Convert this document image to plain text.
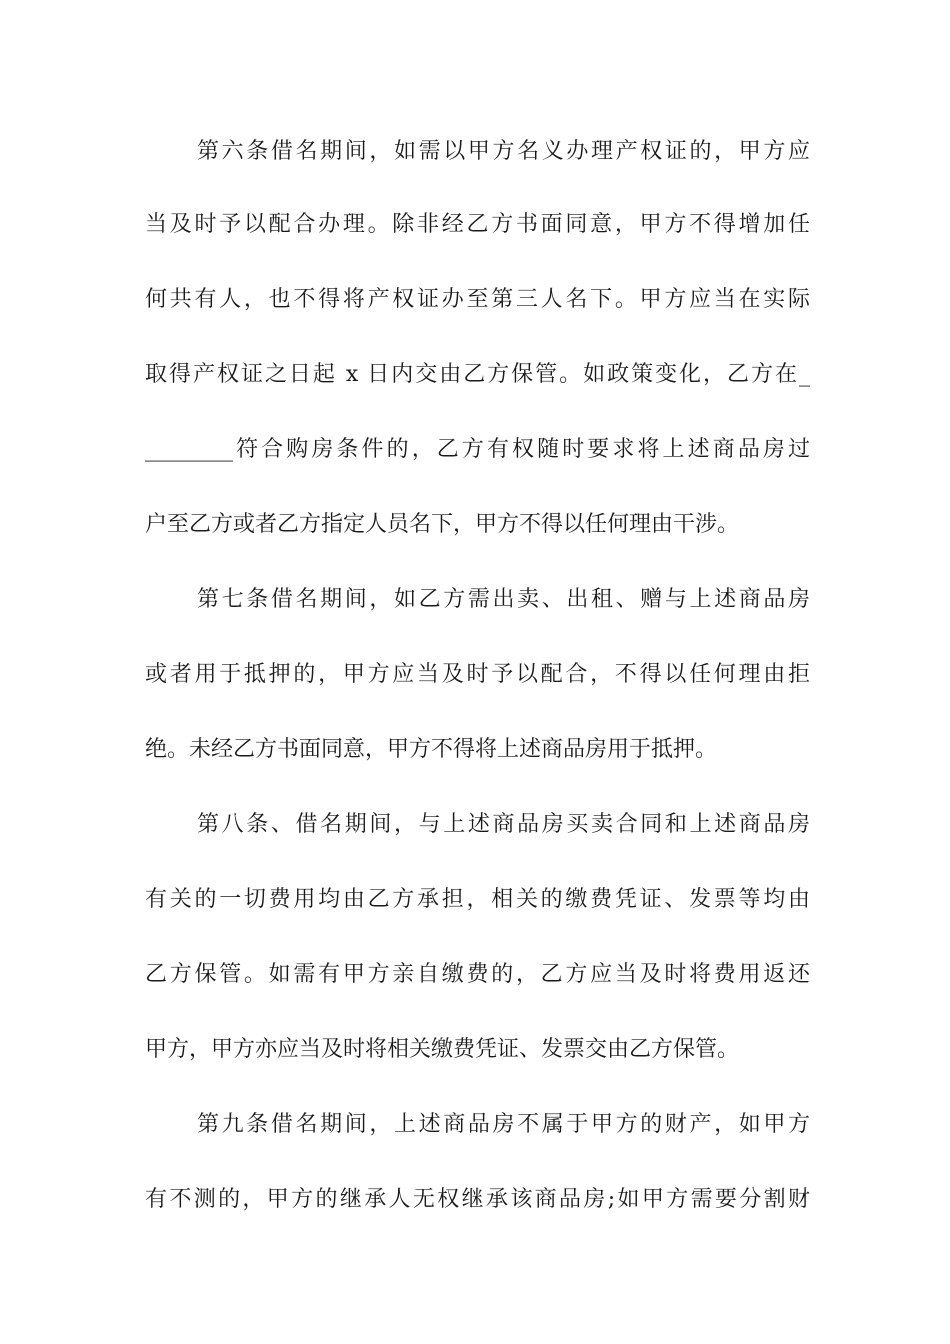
第六条借名期间，如需以甲方名义办理产权证的，甲方应
当及时予以配合办理。除非经乙方书面同意，甲方不得增加任
何共有人，也不得将产权证办至第三人名下。甲方应当在实际
取得产权证之日起 x 日内交由乙方保管。如政策变化，乙方在_
________符合购房条件的，乙方有权随时要求将上述商品房过
户至乙方或者乙方指定人员名下，甲方不得以任何理由干涉。
第七条借名期间，如乙方需出卖、出租、赠与上述商品房
或者用于抵押的，甲方应当及时予以配合，不得以任何理由拒
绝。未经乙方书面同意，甲方不得将上述商品房用于抵押。
第八条、借名期间，与上述商品房买卖合同和上述商品房
有关的一切费用均由乙方承担，相关的缴费凭证、发票等均由
乙方保管。如需有甲方亲自缴费的，乙方应当及时将费用返还
甲方，甲方亦应当及时将相关缴费凭证、发票交由乙方保管。
第九条借名期间，上述商品房不属于甲方的财产，如甲方
有不测的，甲方的继承人无权继承该商品房;如甲方需要分割财
